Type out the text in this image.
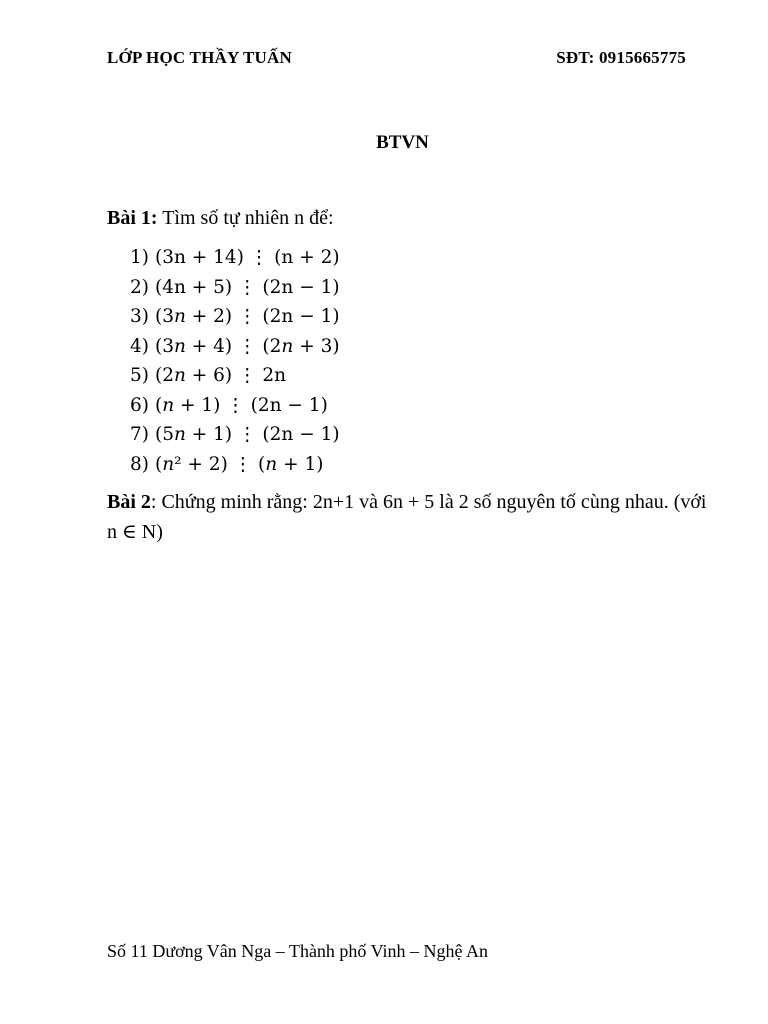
LỚP HỌC THẦY TUẤN	SĐT: 0915665775
BTVN
Bài 1: Tìm số tự nhiên n để:
1) (3n + 14) ⋮ (n + 2)
2) (4n + 5) ⋮ (2n − 1)
3) (3𝑛 + 2) ⋮ (2n − 1)
4) (3𝑛 + 4) ⋮ (2𝑛 + 3)
5) (2𝑛 + 6) ⋮ 2n
6) (𝑛 + 1) ⋮ (2n − 1)
7) (5𝑛 + 1) ⋮ (2n − 1)
8) (𝑛² + 2) ⋮ (𝑛 + 1)
Bài 2: Chứng minh rằng: 2n+1 và 6n + 5 là 2 số nguyên tố cùng nhau. (với n ∈ N)
Số 11 Dương Vân Nga – Thành phố Vinh – Nghệ An
